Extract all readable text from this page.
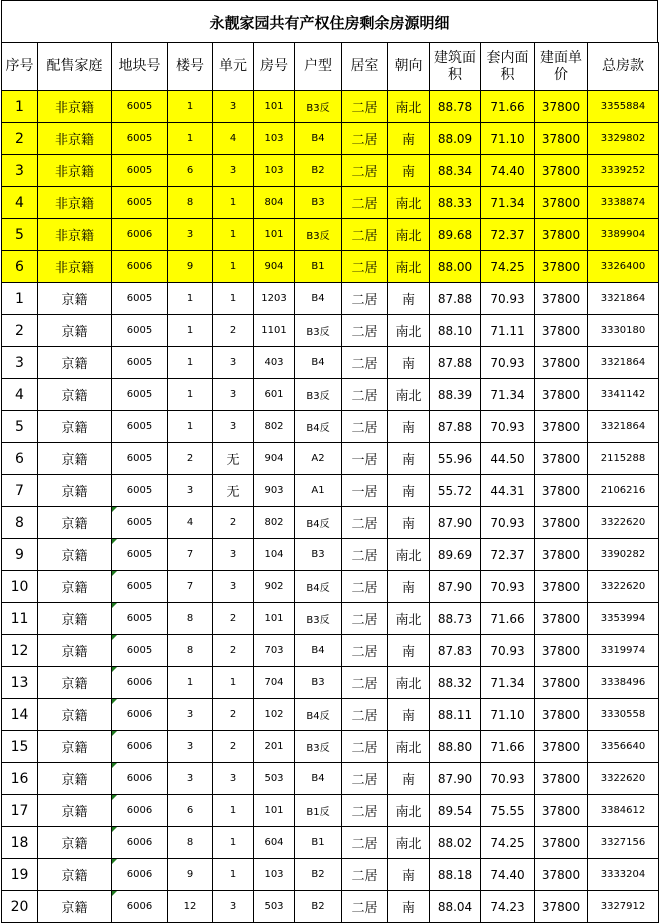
永靓家园共有产权住房剩余房源明细
序号	配售家庭	地块号	楼号	单元	房号	户型	居室	朝向	建筑面积	套内面积	建面单价	总房款
1	非京籍	6005	1	3	101	B3反	二居	南北	88.78	71.66	37800	3355884
2	非京籍	6005	1	4	103	B4	二居	南	88.09	71.10	37800	3329802
3	非京籍	6005	6	3	103	B2	二居	南	88.34	74.40	37800	3339252
4	非京籍	6005	8	1	804	B3	二居	南北	88.33	71.34	37800	3338874
5	非京籍	6006	3	1	101	B3反	二居	南北	89.68	72.37	37800	3389904
6	非京籍	6006	9	1	904	B1	二居	南北	88.00	74.25	37800	3326400
1	京籍	6005	1	1	1203	B4	二居	南	87.88	70.93	37800	3321864
2	京籍	6005	1	2	1101	B3反	二居	南北	88.10	71.11	37800	3330180
3	京籍	6005	1	3	403	B4	二居	南	87.88	70.93	37800	3321864
4	京籍	6005	1	3	601	B3反	二居	南北	88.39	71.34	37800	3341142
5	京籍	6005	1	3	802	B4反	二居	南	87.88	70.93	37800	3321864
6	京籍	6005	2	无	904	A2	一居	南	55.96	44.50	37800	2115288
7	京籍	6005	3	无	903	A1	一居	南	55.72	44.31	37800	2106216
8	京籍	6005	4	2	802	B4反	二居	南	87.90	70.93	37800	3322620
9	京籍	6005	7	3	104	B3	二居	南北	89.69	72.37	37800	3390282
10	京籍	6005	7	3	902	B4反	二居	南	87.90	70.93	37800	3322620
11	京籍	6005	8	2	101	B3反	二居	南北	88.73	71.66	37800	3353994
12	京籍	6005	8	2	703	B4	二居	南	87.83	70.93	37800	3319974
13	京籍	6006	1	1	704	B3	二居	南北	88.32	71.34	37800	3338496
14	京籍	6006	3	2	102	B4反	二居	南	88.11	71.10	37800	3330558
15	京籍	6006	3	2	201	B3反	二居	南北	88.80	71.66	37800	3356640
16	京籍	6006	3	3	503	B4	二居	南	87.90	70.93	37800	3322620
17	京籍	6006	6	1	101	B1反	二居	南北	89.54	75.55	37800	3384612
18	京籍	6006	8	1	604	B1	二居	南北	88.02	74.25	37800	3327156
19	京籍	6006	9	1	103	B2	二居	南	88.18	74.40	37800	3333204
20	京籍	6006	12	3	503	B2	二居	南	88.04	74.23	37800	3327912
